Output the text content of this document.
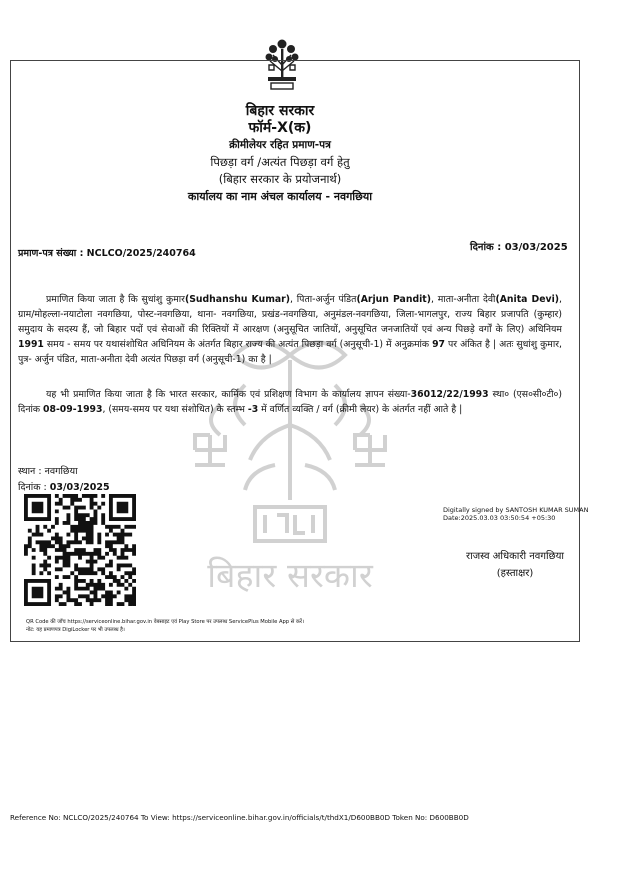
बिहार सरकार
बिहार सरकार
फॉर्म-X(क)
क्रीमीलेयर रहित प्रमाण-पत्र
पिछड़ा वर्ग /अत्यंत पिछड़ा वर्ग हेतु
(बिहार सरकार के प्रयोजनार्थ)
कार्यालय का नाम अंचल कार्यालय - नवगछिया
प्रमाण-पत्र संख्या : NCLCO/2025/240764
दिनांक : 03/03/2025

प्रमाणित किया जाता है कि सुधांशु कुमार(Sudhanshu Kumar), पिता-अर्जुन पंडित(Arjun Pandit), माता-अनीता देवी(Anita Devi), ग्राम/मोहल्ला-नयाटोला नवगछिया, पोस्ट-नवगछिया, थाना- नवगछिया, प्रखंड-नवगछिया, अनुमंडल-नवगछिया, जिला-भागलपुर, राज्य बिहार प्रजापति (कुम्हार) समुदाय के सदस्य हैं, जो बिहार पदों एवं सेवाओं की रिक्तियों में आरक्षण (अनुसूचित जातियों, अनुसूचित जनजातियों एवं अन्य पिछड़े वर्गों के लिए) अधिनियम 1991 समय - समय पर यथासंशोधित अधिनियम के अंतर्गत बिहार राज्य की अत्यंत पिछड़ा वर्ग (अनुसूची-1) में अनुक्रमांक 97 पर अंकित है | अतः सुधांशु कुमार, पुत्र- अर्जुन पंडित, माता-अनीता देवी अत्यंत पिछड़ा वर्ग (अनुसूची-1) का है |

यह भी प्रमाणित किया जाता है कि भारत सरकार, कार्मिक एवं प्रशिक्षण विभाग के कार्यालय ज्ञापन संख्या-36012/22/1993 स्था० (एस०सी०टी०) दिनांक 08-09-1993, (समय-समय पर यथा संशोधित) के स्तम्भ -3 में वर्णित व्यक्ति / वर्ग (क्रीमी लेयर) के अंतर्गत नहीं आते है |

स्थान : नवगछिया
दिनांक : 03/03/2025
Digitally signed by SANTOSH KUMAR SUMAN
Date:2025.03.03 03:50:54 +05:30
राजस्व अधिकारी नवगछिया
(हस्ताक्षर)
QR Code की जाँच https://serviceonline.bihar.gov.in वेबसाइट एवं Play Store पर उपलब्ध ServicePlus Mobile App से करें।
नोट: यह प्रमाणपत्र DigiLocker पर भी उपलब्ध है।
Reference No: NCLCO/2025/240764 To View: https://serviceonline.bihar.gov.in/officials/t/thdX1/D600BB0D Token No: D600BB0D
